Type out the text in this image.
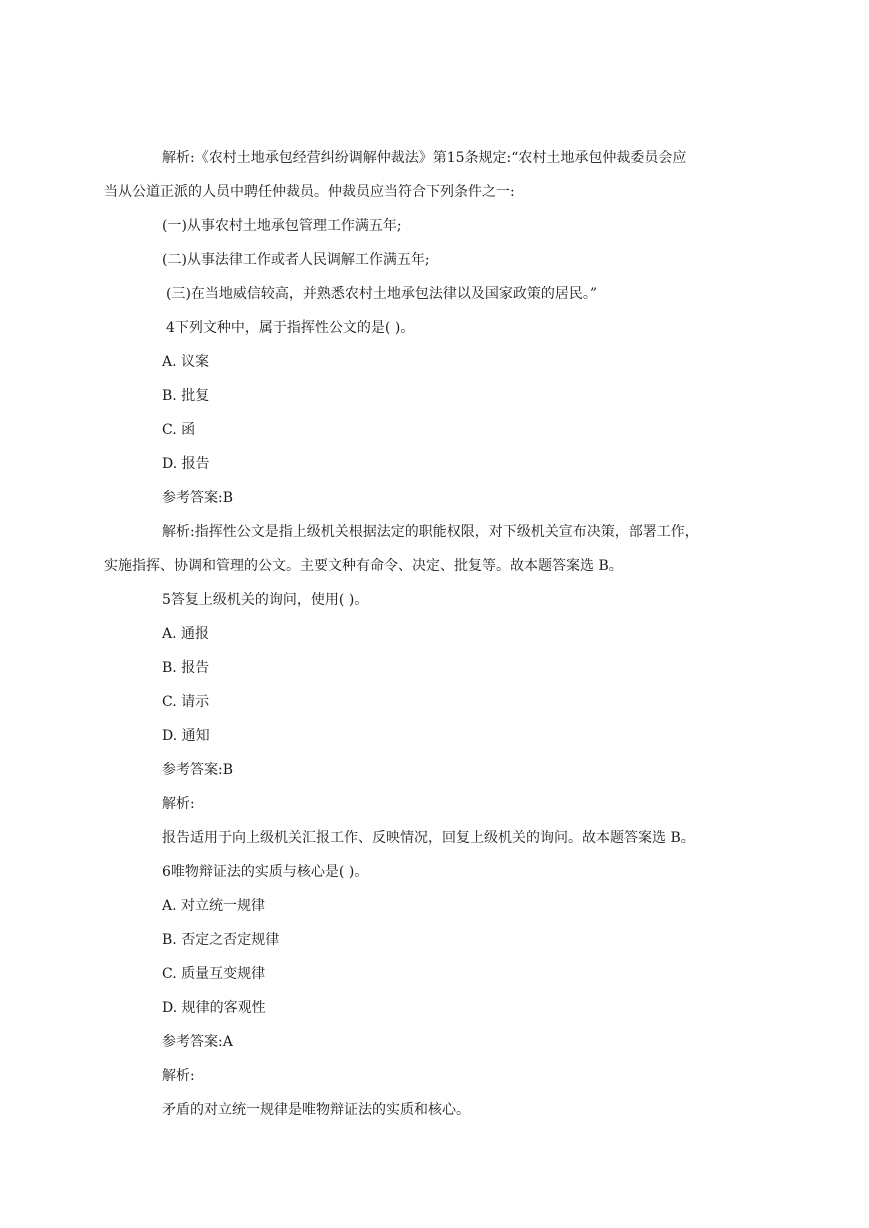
解析:《农村土地承包经营纠纷调解仲裁法》第15条规定:“农村土地承包仲裁委员会应
当从公道正派的人员中聘任仲裁员。仲裁员应当符合下列条件之一:
(一)从事农村土地承包管理工作满五年;
(二)从事法律工作或者人民调解工作满五年;
(三)在当地威信较高，并熟悉农村土地承包法律以及国家政策的居民。”
4下列文种中，属于指挥性公文的是( )。
A. 议案
B. 批复
C. 函
D. 报告
参考答案:B
解析:指挥性公文是指上级机关根据法定的职能权限，对下级机关宣布决策，部署工作，
实施指挥、协调和管理的公文。主要文种有命令、决定、批复等。故本题答案选 B。
5答复上级机关的询问，使用( )。
A. 通报
B. 报告
C. 请示
D. 通知
参考答案:B
解析:
报告适用于向上级机关汇报工作、反映情况，回复上级机关的询问。故本题答案选 B。
6唯物辩证法的实质与核心是( )。
A. 对立统一规律
B. 否定之否定规律
C. 质量互变规律
D. 规律的客观性
参考答案:A
解析:
矛盾的对立统一规律是唯物辩证法的实质和核心。
